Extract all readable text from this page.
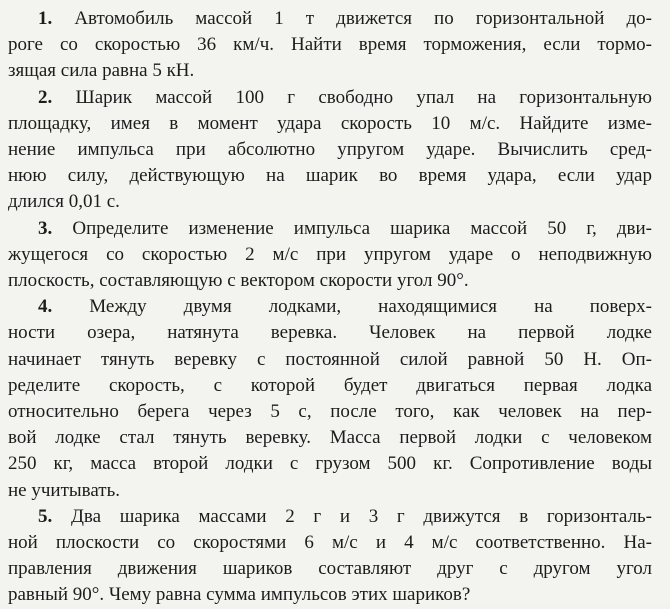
1. Автомобиль массой 1 т движется по горизонтальной до-
роге со скоростью 36 км/ч. Найти время торможения, если тормо-
зящая сила равна 5 кН.
2. Шарик массой 100 г свободно упал на горизонтальную
площадку, имея в момент удара скорость 10 м/с. Найдите изме-
нение импульса при абсолютно упругом ударе. Вычислить сред-
нюю силу, действующую на шарик во время удара, если удар
длился 0,01 с.
3. Определите изменение импульса шарика массой 50 г, дви-
жущегося со скоростью 2 м/с при упругом ударе о неподвижную
плоскость, составляющую с вектором скорости угол 90°.
4. Между двумя лодками, находящимися на поверх-
ности озера, натянута веревка. Человек на первой лодке
начинает тянуть веревку с постоянной силой равной 50 Н. Оп-
ределите скорость, с которой будет двигаться первая лодка
относительно берега через 5 с, после того, как человек на пер-
вой лодке стал тянуть веревку. Масса первой лодки с человеком
250 кг, масса второй лодки с грузом 500 кг. Сопротивление воды
не учитывать.
5. Два шарика массами 2 г и 3 г движутся в горизонталь-
ной плоскости со скоростями 6 м/с и 4 м/с соответственно. На-
правления движения шариков составляют друг с другом угол
равный 90°. Чему равна сумма импульсов этих шариков?
